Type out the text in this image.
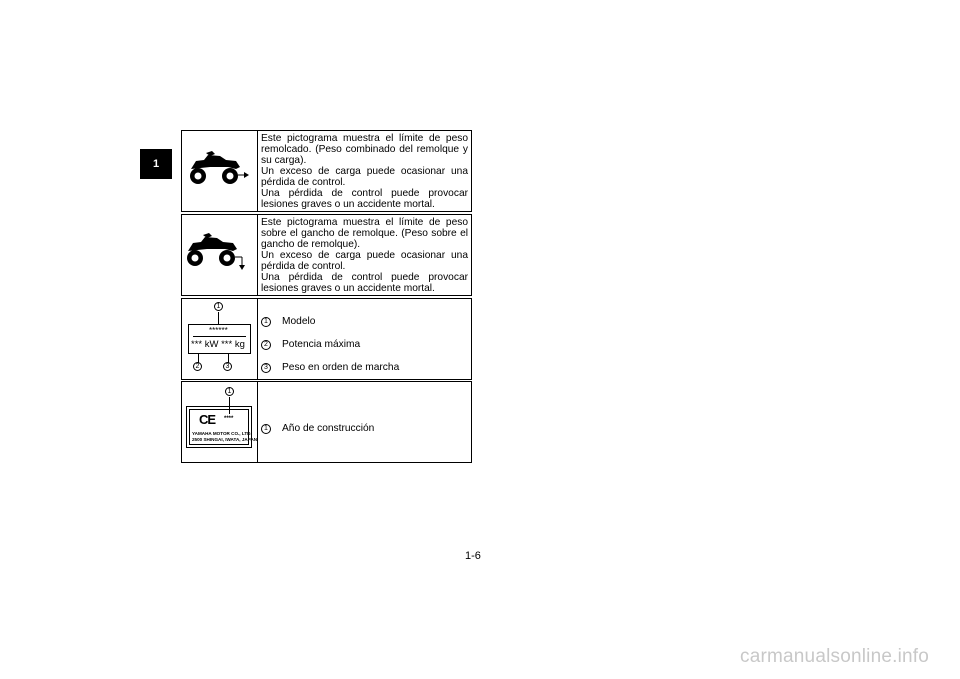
1

Este pictograma muestra el límite de peso remolcado. (Peso combinado del remolque y su carga).

Un exceso de carga puede ocasionar una pérdida de control.

Una pérdida de control puede provocar lesiones graves o un accidente mortal.

Este pictograma muestra el límite de peso sobre el gancho de remolque. (Peso sobre el gancho de remolque).

Un exceso de carga puede ocasionar una pérdida de control.

Una pérdida de control puede provocar lesiones graves o un accidente mortal.

1
******
*** kW *** kg
2	3
1 Modelo
2 Potencia máxima
3 Peso en orden de marcha
1
CE ****
YAMAHA MOTOR CO., LTD.
2500 SHINGAI, IWATA, JAPAN
1 Año de construcción
1-6
carmanualsonline.info
